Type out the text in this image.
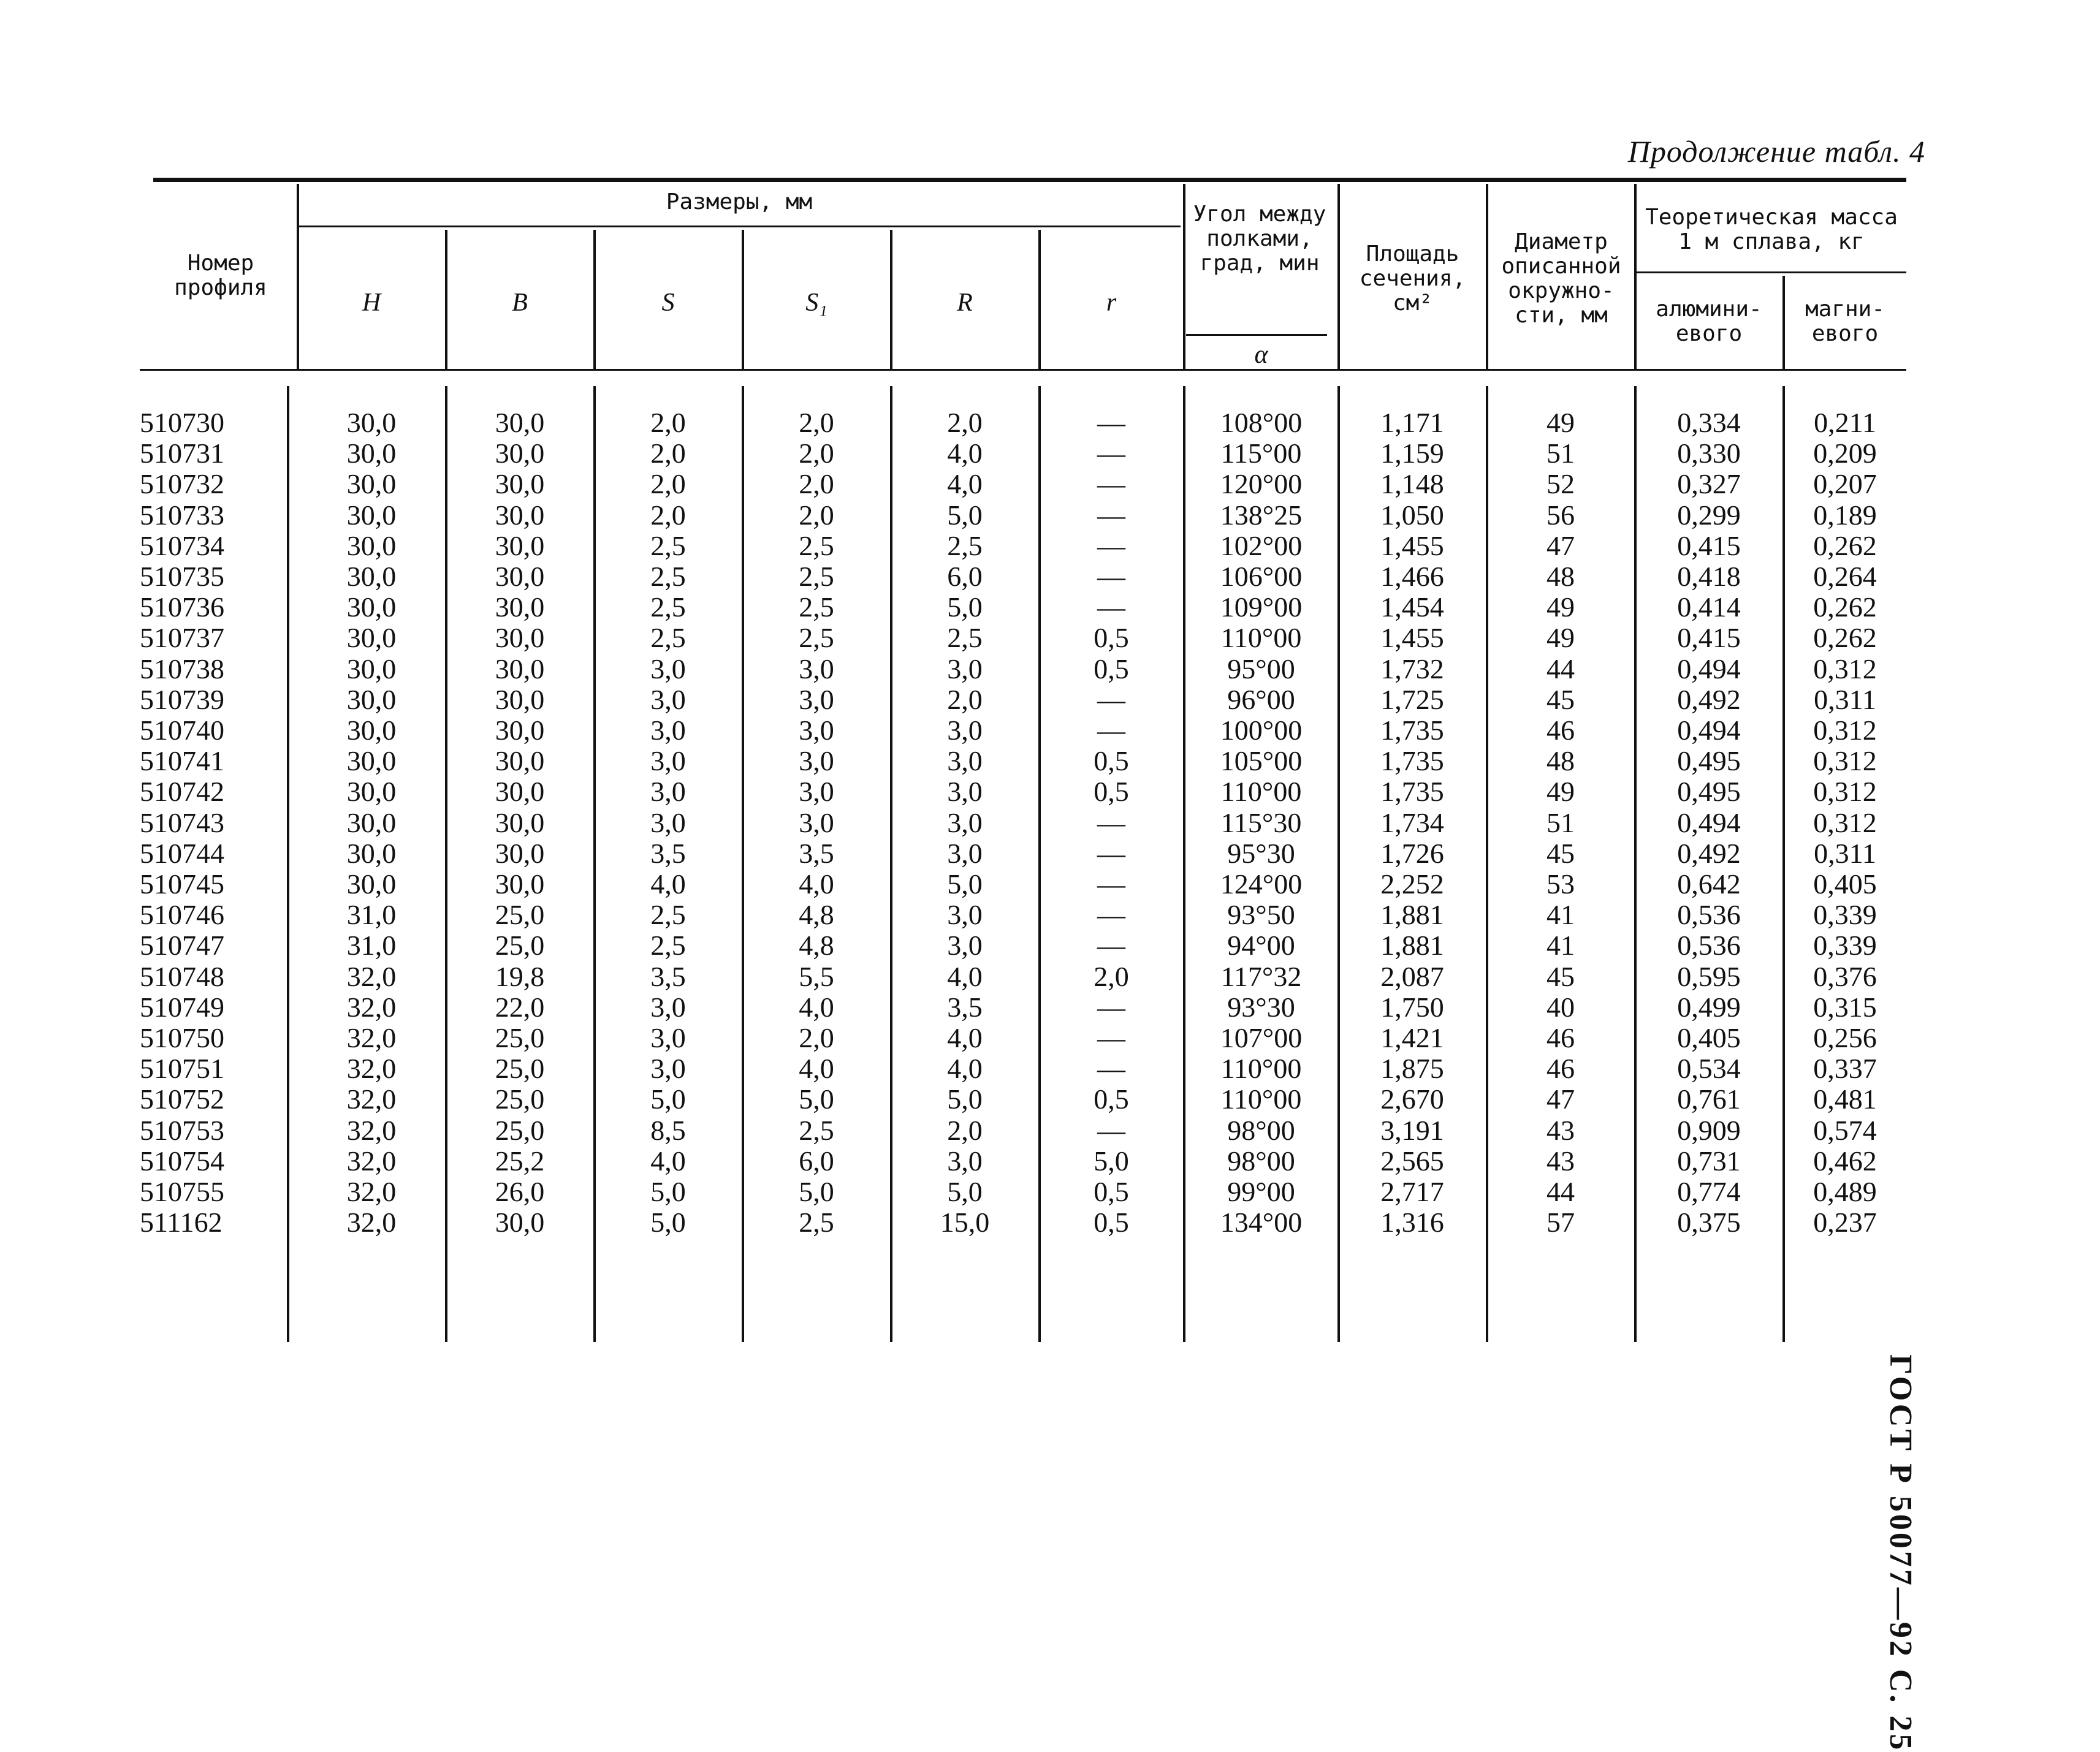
Продолжение табл. 4
ГОСТ Р 50077—92 С. 25
Номер профиля
Размеры, мм
H	B	S	S₁	R	r
Угол между полками, град, мин
α
Площадь сечения, см²
Диаметр описанной окружно-сти, мм
Теоретическая масса 1 м сплава, кг
алюмини-евого
магни-евого
510730	30,0	30,0	2,0	2,0	2,0	—	108°00	1,171	49	0,334	0,211
510731	30,0	30,0	2,0	2,0	4,0	—	115°00	1,159	51	0,330	0,209
510732	30,0	30,0	2,0	2,0	4,0	—	120°00	1,148	52	0,327	0,207
510733	30,0	30,0	2,0	2,0	5,0	—	138°25	1,050	56	0,299	0,189
510734	30,0	30,0	2,5	2,5	2,5	—	102°00	1,455	47	0,415	0,262
510735	30,0	30,0	2,5	2,5	6,0	—	106°00	1,466	48	0,418	0,264
510736	30,0	30,0	2,5	2,5	5,0	—	109°00	1,454	49	0,414	0,262
510737	30,0	30,0	2,5	2,5	2,5	0,5	110°00	1,455	49	0,415	0,262
510738	30,0	30,0	3,0	3,0	3,0	0,5	95°00	1,732	44	0,494	0,312
510739	30,0	30,0	3,0	3,0	2,0	—	96°00	1,725	45	0,492	0,311
510740	30,0	30,0	3,0	3,0	3,0	—	100°00	1,735	46	0,494	0,312
510741	30,0	30,0	3,0	3,0	3,0	0,5	105°00	1,735	48	0,495	0,312
510742	30,0	30,0	3,0	3,0	3,0	0,5	110°00	1,735	49	0,495	0,312
510743	30,0	30,0	3,0	3,0	3,0	—	115°30	1,734	51	0,494	0,312
510744	30,0	30,0	3,5	3,5	3,0	—	95°30	1,726	45	0,492	0,311
510745	30,0	30,0	4,0	4,0	5,0	—	124°00	2,252	53	0,642	0,405
510746	31,0	25,0	2,5	4,8	3,0	—	93°50	1,881	41	0,536	0,339
510747	31,0	25,0	2,5	4,8	3,0	—	94°00	1,881	41	0,536	0,339
510748	32,0	19,8	3,5	5,5	4,0	2,0	117°32	2,087	45	0,595	0,376
510749	32,0	22,0	3,0	4,0	3,5	—	93°30	1,750	40	0,499	0,315
510750	32,0	25,0	3,0	2,0	4,0	—	107°00	1,421	46	0,405	0,256
510751	32,0	25,0	3,0	4,0	4,0	—	110°00	1,875	46	0,534	0,337
510752	32,0	25,0	5,0	5,0	5,0	0,5	110°00	2,670	47	0,761	0,481
510753	32,0	25,0	8,5	2,5	2,0	—	98°00	3,191	43	0,909	0,574
510754	32,0	25,2	4,0	6,0	3,0	5,0	98°00	2,565	43	0,731	0,462
510755	32,0	26,0	5,0	5,0	5,0	0,5	99°00	2,717	44	0,774	0,489
511162	32,0	30,0	5,0	2,5	15,0	0,5	134°00	1,316	57	0,375	0,237
